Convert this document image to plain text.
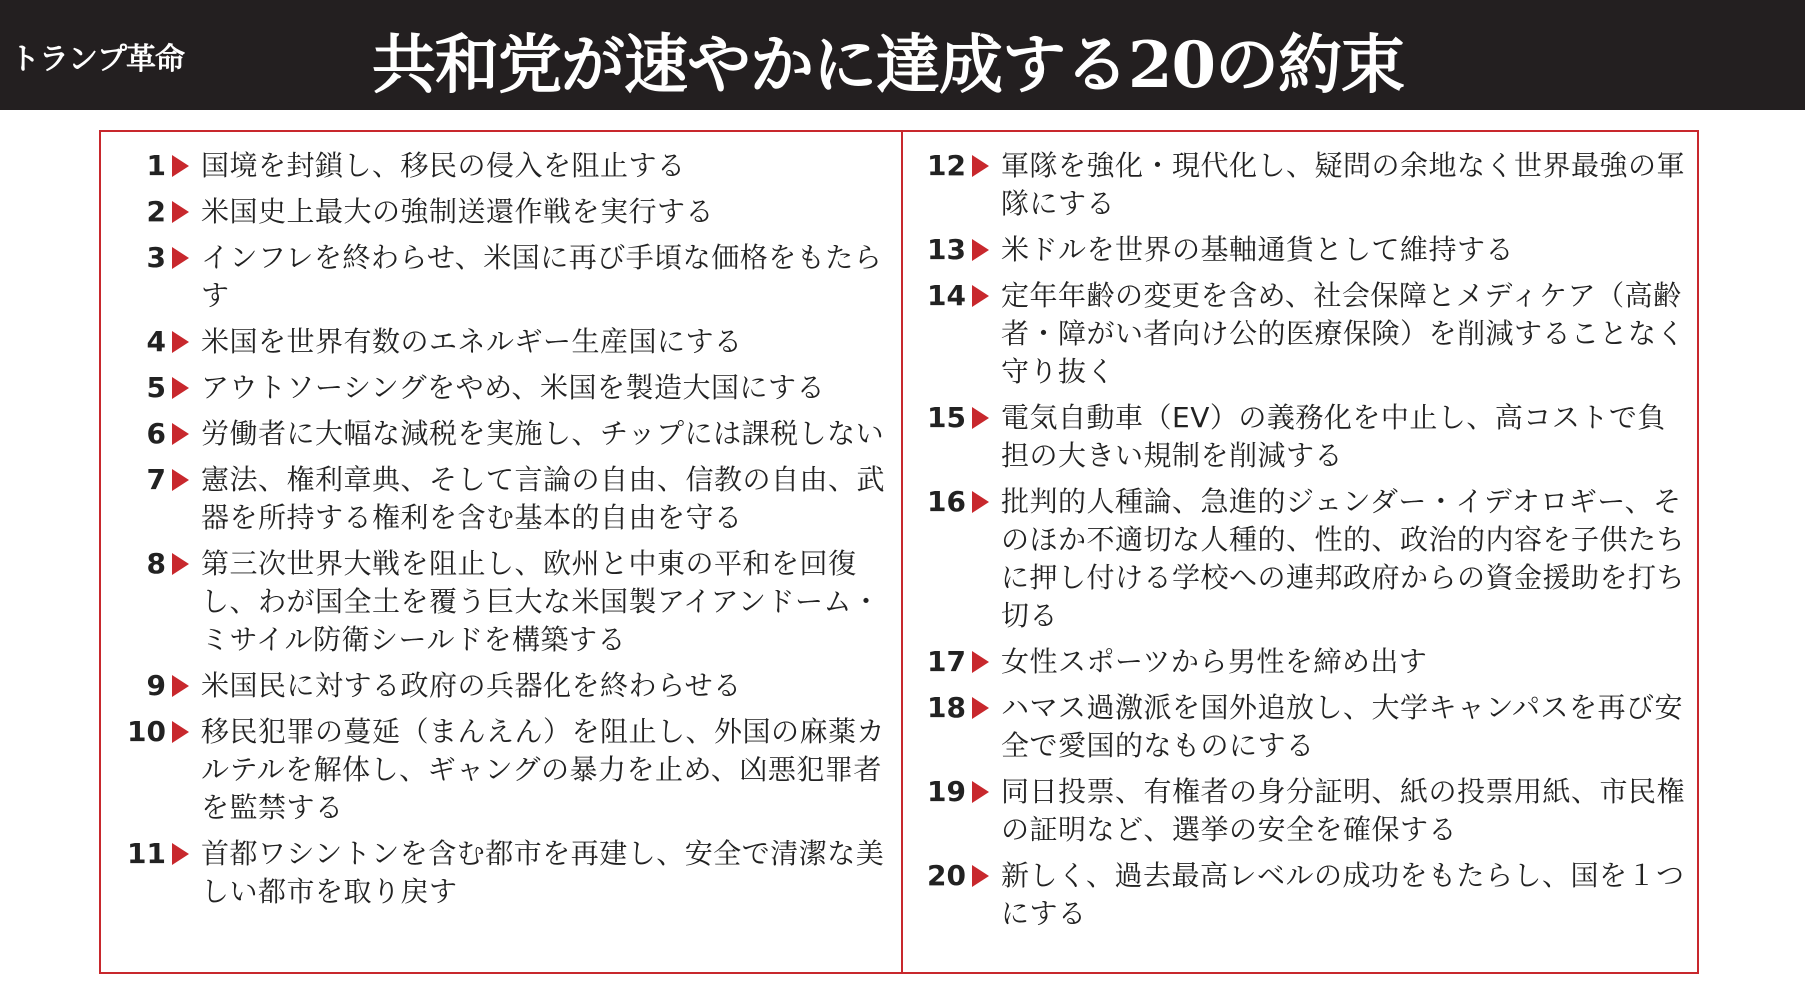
トランプ革命	共和党が速やかに達成する20の約束
1 国境を封鎖し、移民の侵入を阻止する
2 米国史上最大の強制送還作戦を実行する
3 インフレを終わらせ、米国に再び手頃な価格をもたらす
4 米国を世界有数のエネルギー生産国にする
5 アウトソーシングをやめ、米国を製造大国にする
6 労働者に大幅な減税を実施し、チップには課税しない
7 憲法、権利章典、そして言論の自由、信教の自由、武器を所持する権利を含む基本的自由を守る
8 第三次世界大戦を阻止し、欧州と中東の平和を回復し、わが国全土を覆う巨大な米国製アイアンドーム・ミサイル防衛シールドを構築する
9 米国民に対する政府の兵器化を終わらせる
10 移民犯罪の蔓延（まんえん）を阻止し、外国の麻薬カルテルを解体し、ギャングの暴力を止め、凶悪犯罪者を監禁する
11 首都ワシントンを含む都市を再建し、安全で清潔な美しい都市を取り戻す
12 軍隊を強化・現代化し、疑問の余地なく世界最強の軍隊にする
13 米ドルを世界の基軸通貨として維持する
14 定年年齢の変更を含め、社会保障とメディケア（高齢者・障がい者向け公的医療保険）を削減することなく守り抜く
15 電気自動車（EV）の義務化を中止し、高コストで負担の大きい規制を削減する
16 批判的人種論、急進的ジェンダー・イデオロギー、そのほか不適切な人種的、性的、政治的内容を子供たちに押し付ける学校への連邦政府からの資金援助を打ち切る
17 女性スポーツから男性を締め出す
18 ハマス過激派を国外追放し、大学キャンパスを再び安全で愛国的なものにする
19 同日投票、有権者の身分証明、紙の投票用紙、市民権の証明など、選挙の安全を確保する
20 新しく、過去最高レベルの成功をもたらし、国を１つにする
